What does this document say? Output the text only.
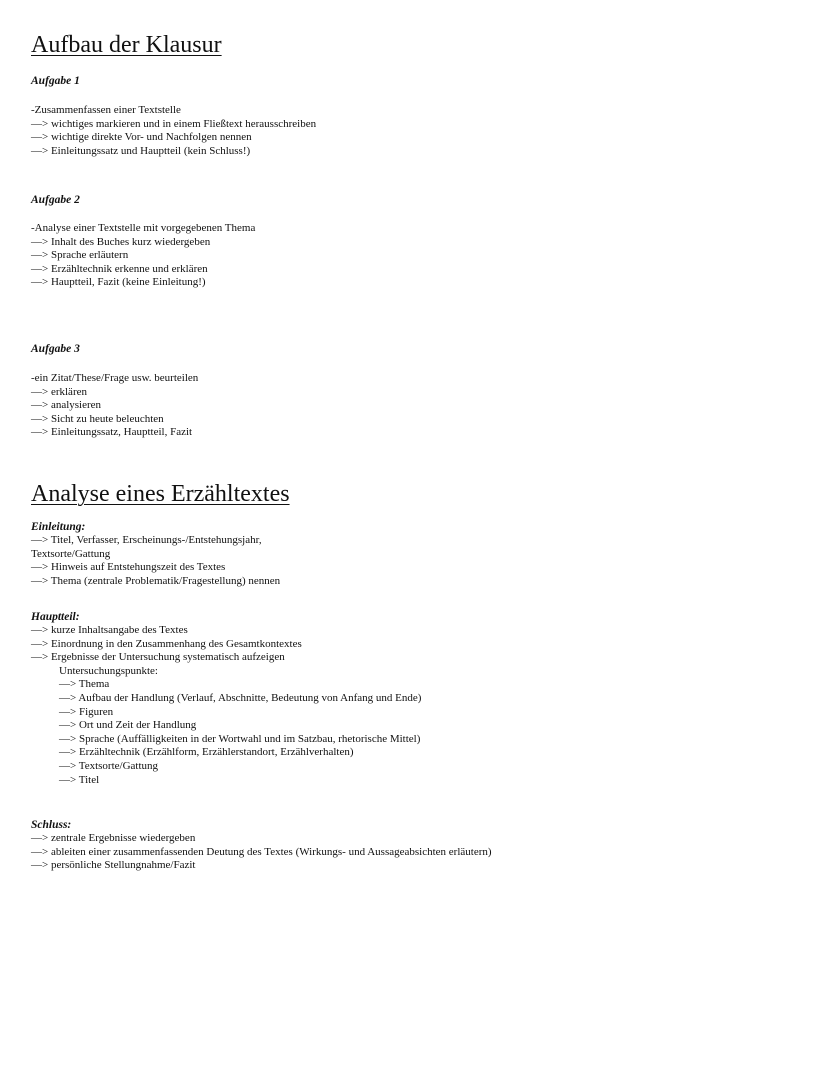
Aufbau der Klausur

Aufgabe 1

-Zusammenfassen einer Textstelle

—> wichtiges markieren und in einem Fließtext herausschreiben

—> wichtige direkte Vor- und Nachfolgen nennen

—> Einleitungssatz und Hauptteil (kein Schluss!)

Aufgabe 2

-Analyse einer Textstelle mit vorgegebenen Thema

—> Inhalt des Buches kurz wiedergeben

—> Sprache erläutern

—> Erzähltechnik erkenne und erklären

—> Hauptteil, Fazit (keine Einleitung!)

Aufgabe 3

-ein Zitat/These/Frage usw. beurteilen

—> erklären

—> analysieren

—> Sicht zu heute beleuchten

—> Einleitungssatz, Hauptteil, Fazit

Analyse eines Erzähltextes

Einleitung:

—> Titel, Verfasser, Erscheinungs-/Entstehungsjahr,

Textsorte/Gattung

—> Hinweis auf Entstehungszeit des Textes

—> Thema (zentrale Problematik/Fragestellung) nennen

Hauptteil:

—> kurze Inhaltsangabe des Textes

—> Einordnung in den Zusammenhang des Gesamtkontextes

—> Ergebnisse der Untersuchung systematisch aufzeigen

Untersuchungspunkte:

—> Thema

—> Aufbau der Handlung (Verlauf, Abschnitte, Bedeutung von Anfang und Ende)

—> Figuren

—> Ort und Zeit der Handlung

—> Sprache (Auffälligkeiten in der Wortwahl und im Satzbau, rhetorische Mittel)

—> Erzähltechnik (Erzählform, Erzählerstandort, Erzählverhalten)

—> Textsorte/Gattung

—> Titel

Schluss:

—> zentrale Ergebnisse wiedergeben

—> ableiten einer zusammenfassenden Deutung des Textes (Wirkungs- und Aussageabsichten erläutern)

—> persönliche Stellungnahme/Fazit
